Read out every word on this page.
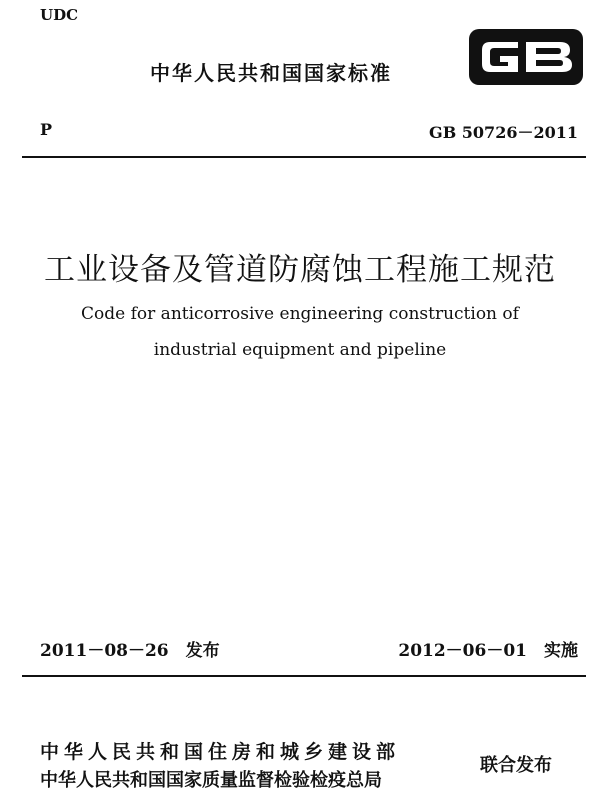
UDC
中华人民共和国国家标准
P	GB 50726－2011
工业设备及管道防腐蚀工程施工规范
Code for anticorrosive engineering construction of
industrial equipment and pipeline
2011－08－26　发布	2012－06－01　实施
中华人民共和国住房和城乡建设部
中华人民共和国国家质量监督检验检疫总局
联合发布
